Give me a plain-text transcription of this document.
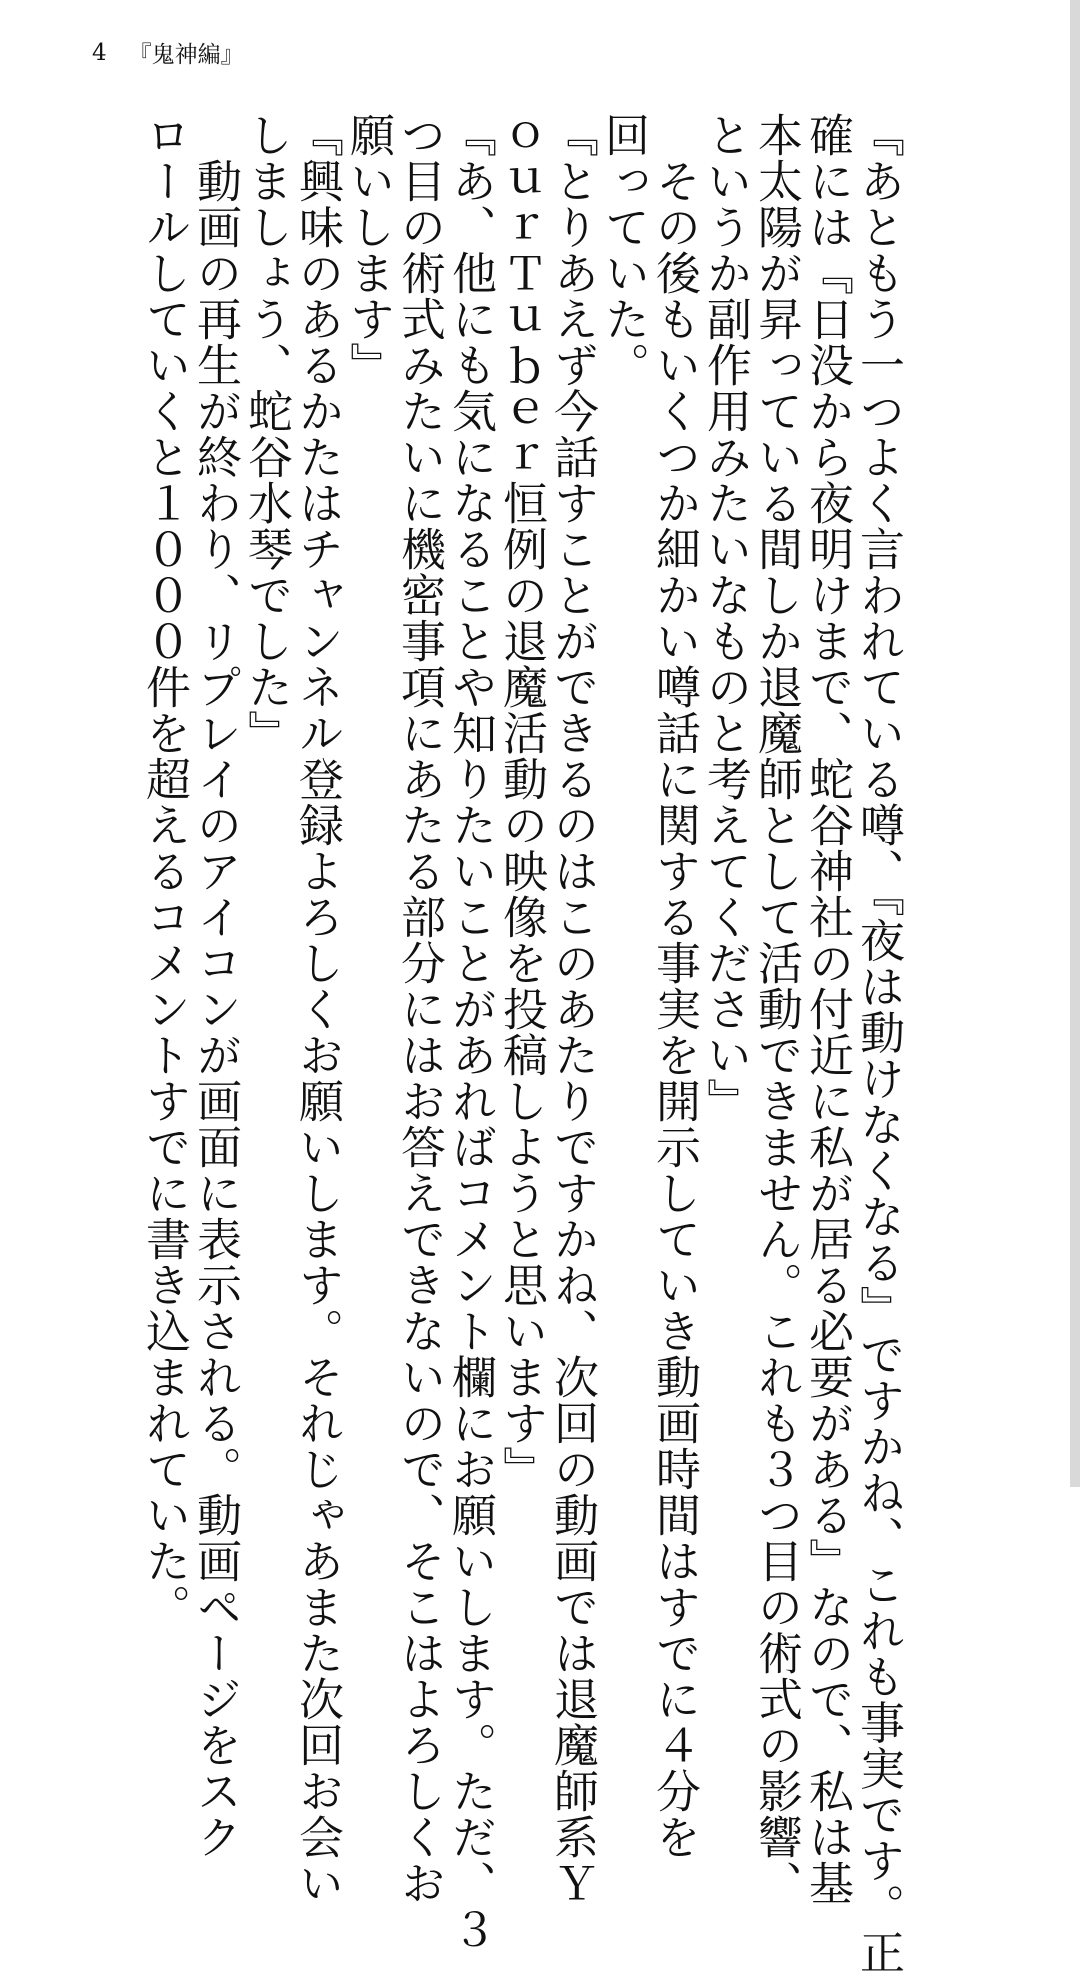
4 『鬼神編』
『あともう一つよく言われている噂、『夜は動けなくなる』ですかね、これも事実です。正
確には『日没から夜明けまで、蛇谷神社の付近に私が居る必要がある』なので、私は基
本太陽が昇っている間しか退魔師として活動できません。これも３つ目の術式の影響、
というか副作用みたいなものと考えてください』
　その後もいくつか細かい噂話に関する事実を開示していき動画時間はすでに４分を
回っていた。
『とりあえず今話すことができるのはこのあたりですかね、次回の動画では退魔師系Ｙ
ｏｕｒＴｕｂｅｒ恒例の退魔活動の映像を投稿しようと思います』
『あ、他にも気になることや知りたいことがあればコメント欄にお願いします。ただ、３
つ目の術式みたいに機密事項にあたる部分にはお答えできないので、そこはよろしくお
願いします』
『興味のあるかたはチャンネル登録よろしくお願いします。それじゃあまた次回お会い
しましょう、蛇谷水琴でした』
　動画の再生が終わり、リプレイのアイコンが画面に表示される。動画ページをスク
ロールしていくと１０００件を超えるコメントすでに書き込まれていた。
